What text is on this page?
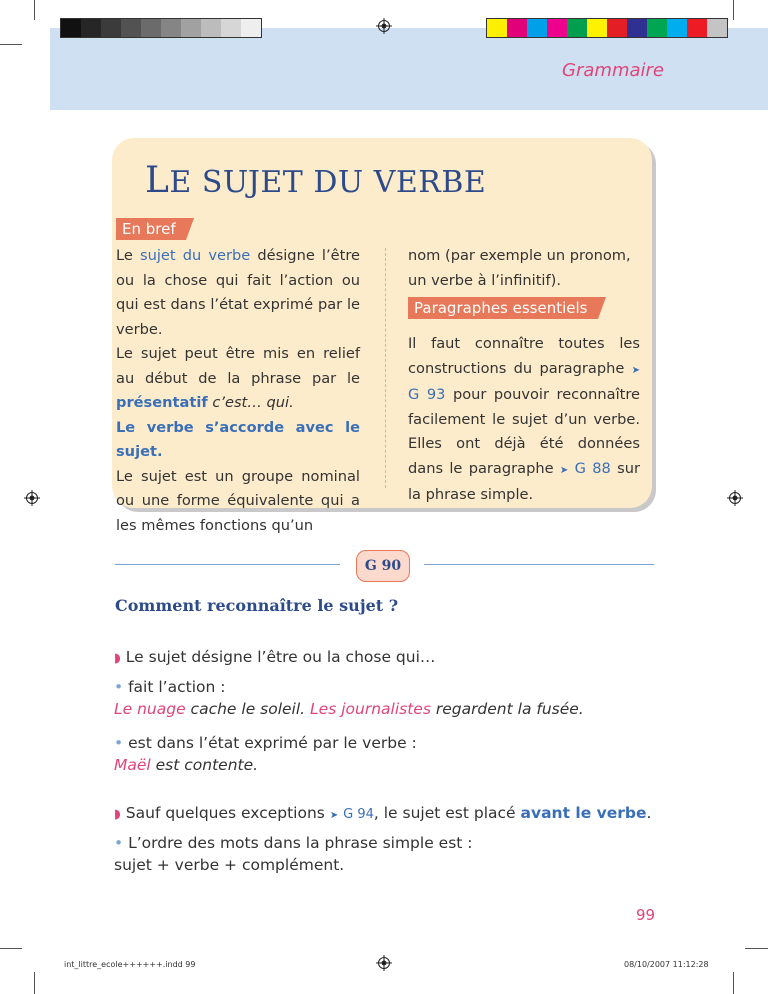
Grammaire
LE SUJET DU VERBE
En bref
Paragraphes essentiels

Le sujet du verbe désigne l’être ou la chose qui fait l’action ou qui est dans l’état exprimé par le verbe.

Le sujet peut être mis en relief au début de la phrase par le présentatif c’est… qui.

Le verbe s’accorde avec le sujet.

Le sujet est un groupe nominal ou une forme équivalente qui a les mêmes fonctions qu’un

nom (par exemple un pronom, un verbe à l’infinitif).

Il faut connaître toutes les constructions du paragraphe ➤ G 93 pour pouvoir reconnaître facilement le sujet d’un verbe. Elles ont déjà été données dans le paragraphe ➤ G 88 sur la phrase simple.

G 90
Comment reconnaître le sujet ?
◗ Le sujet désigne l’être ou la chose qui…
• fait l’action :
Le nuage cache le soleil. Les journalistes regardent la fusée.
• est dans l’état exprimé par le verbe :
Maël est contente.
◗ Sauf quelques exceptions ➤ G 94, le sujet est placé avant le verbe.
• L’ordre des mots dans la phrase simple est :
sujet + verbe + complément.
99
int_littre_ecole++++++.indd 99	08/10/2007 11:12:28
